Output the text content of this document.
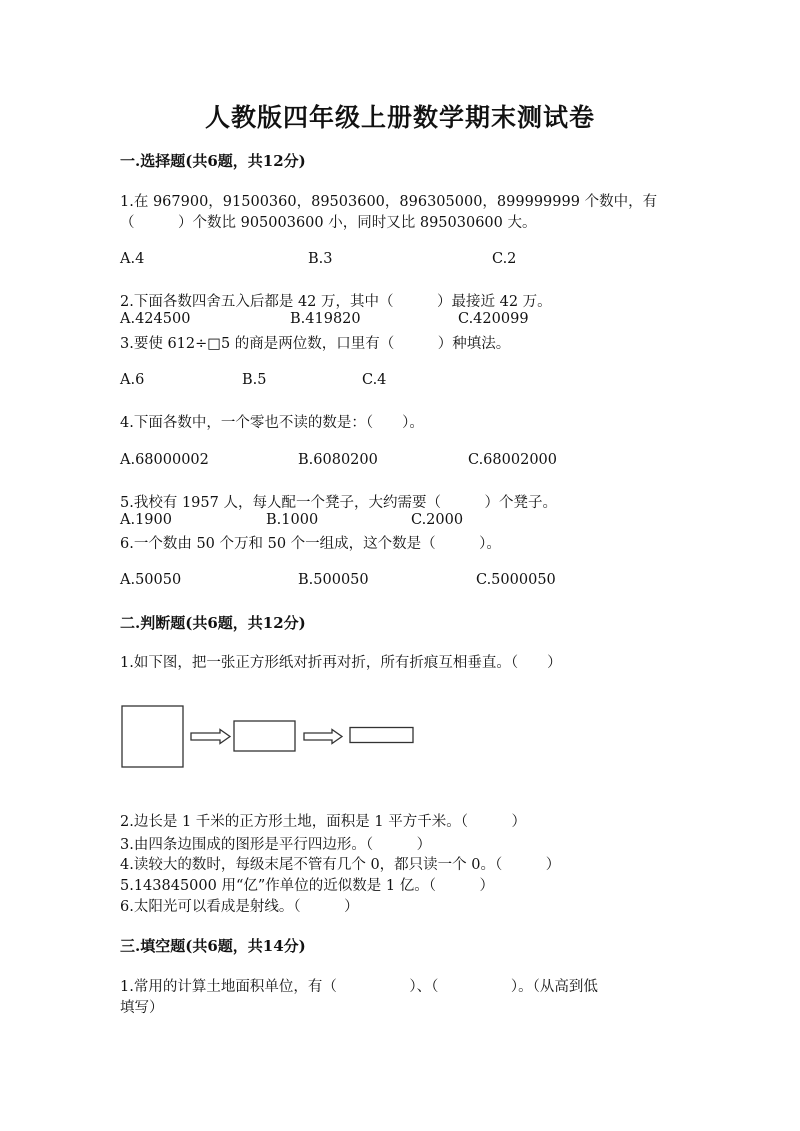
人教版四年级上册数学期末测试卷
一.选择题(共6题，共12分)
1.在 967900，91500360，89503600，896305000，899999999 个数中，有
（　　　）个数比 905003600 小，同时又比 895030600 大。
A.4	B.3	C.2
2.下面各数四舍五入后都是 42 万，其中（　　　）最接近 42 万。
A.424500	B.419820	C.420099
3.要使 612÷□5 的商是两位数，口里有（　　　）种填法。
A.6	B.5	C.4
4.下面各数中，一个零也不读的数是：（　　）。
A.68000002	B.6080200	C.68002000
5.我校有 1957 人，每人配一个凳子，大约需要（　　　）个凳子。
A.1900	B.1000	C.2000
6.一个数由 50 个万和 50 个一组成，这个数是（　　　）。
A.50050	B.500050	C.5000050
二.判断题(共6题，共12分)
1.如下图，把一张正方形纸对折再对折，所有折痕互相垂直。（　　）
2.边长是 1 千米的正方形土地，面积是 1 平方千米。（　　　）
3.由四条边围成的图形是平行四边形。（　　　）
4.读较大的数时，每级末尾不管有几个 0，都只读一个 0。（　　　）
5.143845000 用“亿”作单位的近似数是 1 亿。（　　　）
6.太阳光可以看成是射线。（　　　）
三.填空题(共6题，共14分)
1.常用的计算土地面积单位，有（　　　　　）、（　　　　　）。（从高到低
填写）
